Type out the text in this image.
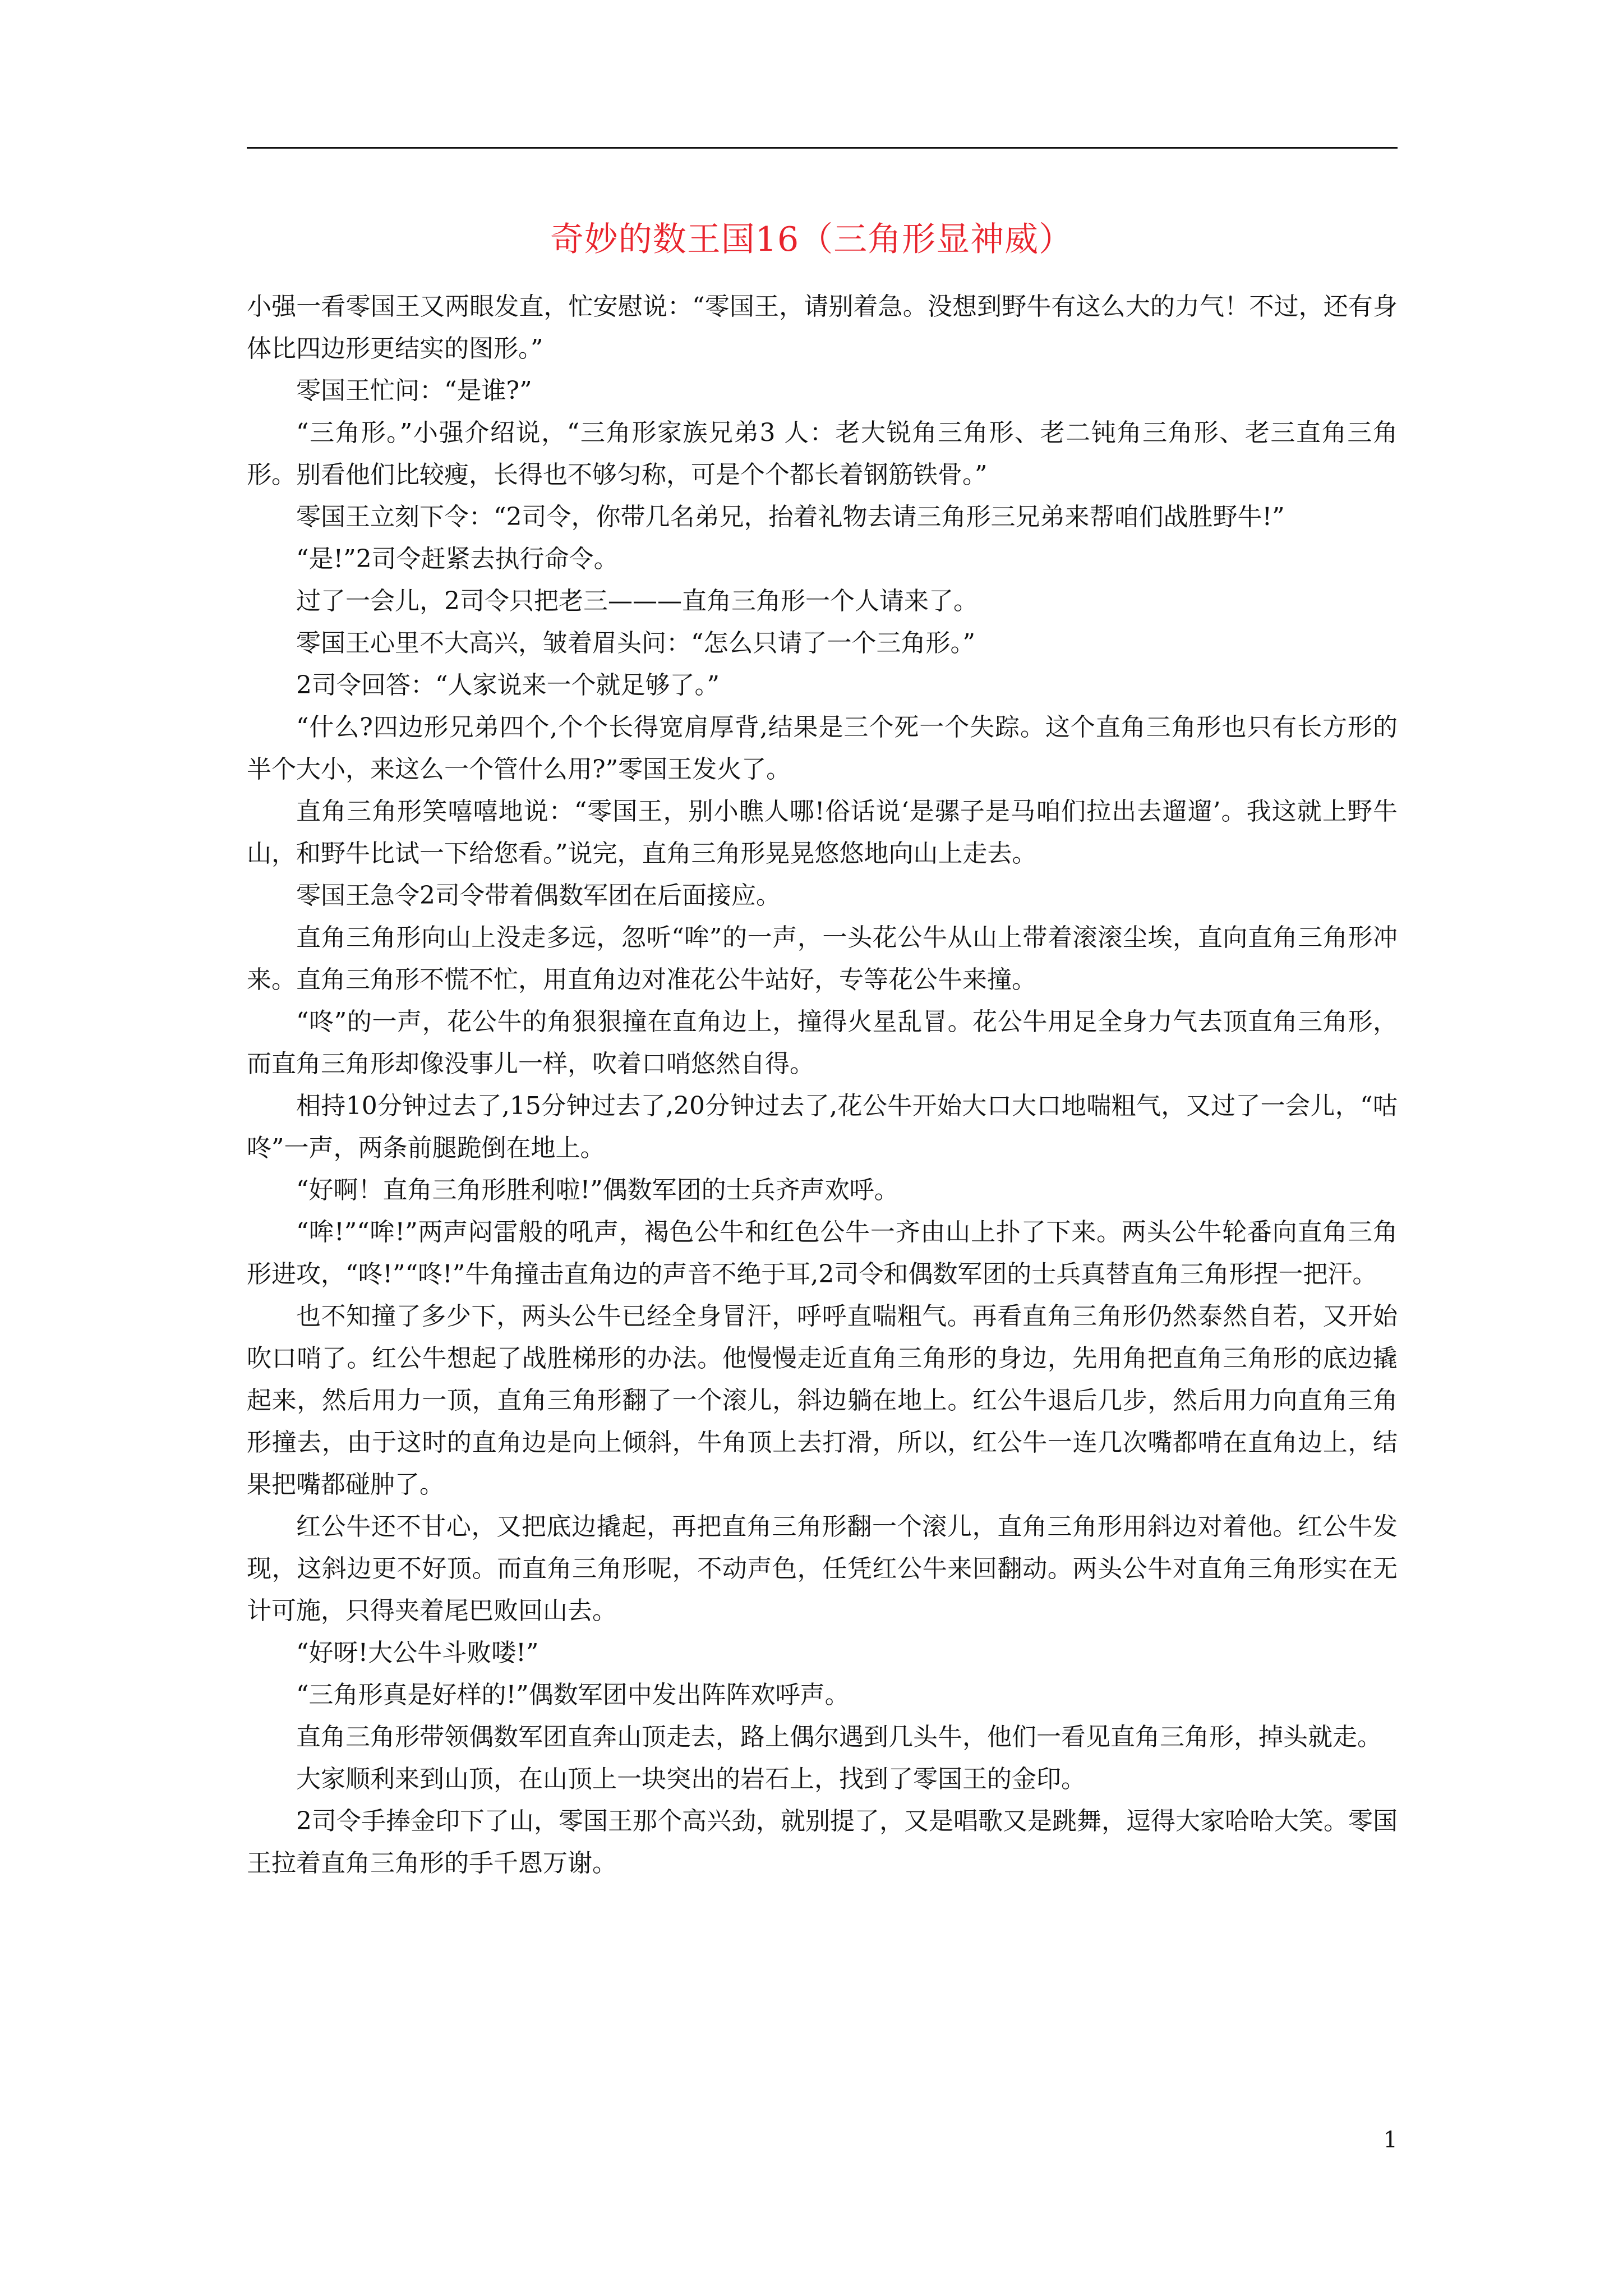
奇妙的数王国16（三角形显神威）

小强一看零国王又两眼发直，忙安慰说：“零国王，请别着急。没想到野牛有这么大的力气！不过，还有身体比四边形更结实的图形。”

零国王忙问：“是谁?”

“三角形。”小强介绍说，“三角形家族兄弟3 人：老大锐角三角形、老二钝角三角形、老三直角三角形。别看他们比较瘦，长得也不够匀称，可是个个都长着钢筋铁骨。”

零国王立刻下令：“2司令，你带几名弟兄，抬着礼物去请三角形三兄弟来帮咱们战胜野牛!”

“是!”2司令赶紧去执行命令。

过了一会儿，2司令只把老三———直角三角形一个人请来了。

零国王心里不大高兴，皱着眉头问：“怎么只请了一个三角形。”

2司令回答：“人家说来一个就足够了。”

“什么?四边形兄弟四个,个个长得宽肩厚背,结果是三个死一个失踪。这个直角三角形也只有长方形的半个大小，来这么一个管什么用?”零国王发火了。

直角三角形笑嘻嘻地说：“零国王，别小瞧人哪!俗话说‘是骡子是马咱们拉出去遛遛’。我这就上野牛山，和野牛比试一下给您看。”说完，直角三角形晃晃悠悠地向山上走去。

零国王急令2司令带着偶数军团在后面接应。

直角三角形向山上没走多远，忽听“哞”的一声，一头花公牛从山上带着滚滚尘埃，直向直角三角形冲来。直角三角形不慌不忙，用直角边对准花公牛站好，专等花公牛来撞。

“咚”的一声，花公牛的角狠狠撞在直角边上，撞得火星乱冒。花公牛用足全身力气去顶直角三角形，而直角三角形却像没事儿一样，吹着口哨悠然自得。

相持10分钟过去了,15分钟过去了,20分钟过去了,花公牛开始大口大口地喘粗气，又过了一会儿，“咕咚”一声，两条前腿跪倒在地上。

“好啊！直角三角形胜利啦!”偶数军团的士兵齐声欢呼。

“哞!”“哞!”两声闷雷般的吼声，褐色公牛和红色公牛一齐由山上扑了下来。两头公牛轮番向直角三角形进攻，“咚!”“咚!”牛角撞击直角边的声音不绝于耳,2司令和偶数军团的士兵真替直角三角形捏一把汗。

也不知撞了多少下，两头公牛已经全身冒汗，呼呼直喘粗气。再看直角三角形仍然泰然自若，又开始吹口哨了。红公牛想起了战胜梯形的办法。他慢慢走近直角三角形的身边，先用角把直角三角形的底边撬起来，然后用力一顶，直角三角形翻了一个滚儿，斜边躺在地上。红公牛退后几步，然后用力向直角三角形撞去，由于这时的直角边是向上倾斜，牛角顶上去打滑，所以，红公牛一连几次嘴都啃在直角边上，结果把嘴都碰肿了。

红公牛还不甘心，又把底边撬起，再把直角三角形翻一个滚儿，直角三角形用斜边对着他。红公牛发现，这斜边更不好顶。而直角三角形呢，不动声色，任凭红公牛来回翻动。两头公牛对直角三角形实在无计可施，只得夹着尾巴败回山去。

“好呀!大公牛斗败喽!”

“三角形真是好样的!”偶数军团中发出阵阵欢呼声。

直角三角形带领偶数军团直奔山顶走去，路上偶尔遇到几头牛，他们一看见直角三角形，掉头就走。

大家顺利来到山顶，在山顶上一块突出的岩石上，找到了零国王的金印。

2司令手捧金印下了山，零国王那个高兴劲，就别提了，又是唱歌又是跳舞，逗得大家哈哈大笑。零国王拉着直角三角形的手千恩万谢。

1
